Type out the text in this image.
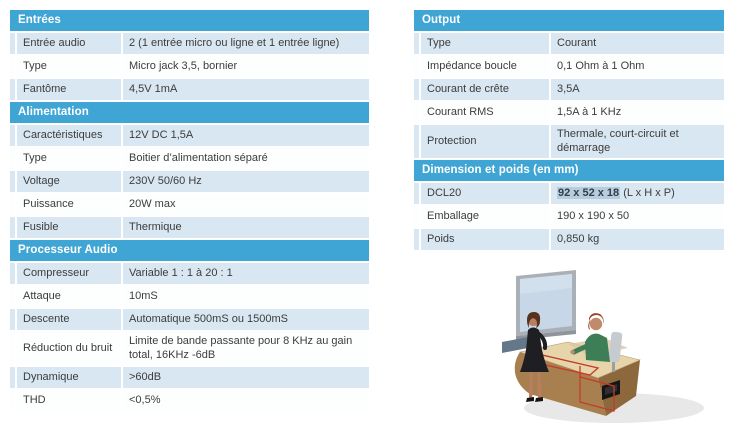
Entrées		
	Entrée audio	2 (1 entrée micro ou ligne et 1 entrée ligne)
	Type	Micro jack 3,5, bornier
	Fantôme	4,5V 1mA
Alimentation		
	Caractéristiques	12V DC 1,5A
	Type	Boitier d’alimentation séparé
	Voltage	230V 50/60 Hz
	Puissance	20W max
	Fusible	Thermique
Processeur Audio		
	Compresseur	Variable 1 : 1 à 20 : 1
	Attaque	10mS
	Descente	Automatique 500mS ou 1500mS
	Réduction du bruit	Limite de bande passante pour 8 KHz au gain total, 16KHz -6dB
	Dynamique	>60dB
	THD	<0,5%
Output		
	Type	Courant
	Impédance boucle	0,1 Ohm à 1 Ohm
	Courant de crête	3,5A
	Courant RMS	1,5A à 1 KHz
	Protection	Thermale, court-circuit et démarrage
Dimension et poids (en mm)		
	DCL20	92 x 52 x 18 (L x H x P)
	Emballage	190 x 190 x 50
	Poids	0,850 kg
